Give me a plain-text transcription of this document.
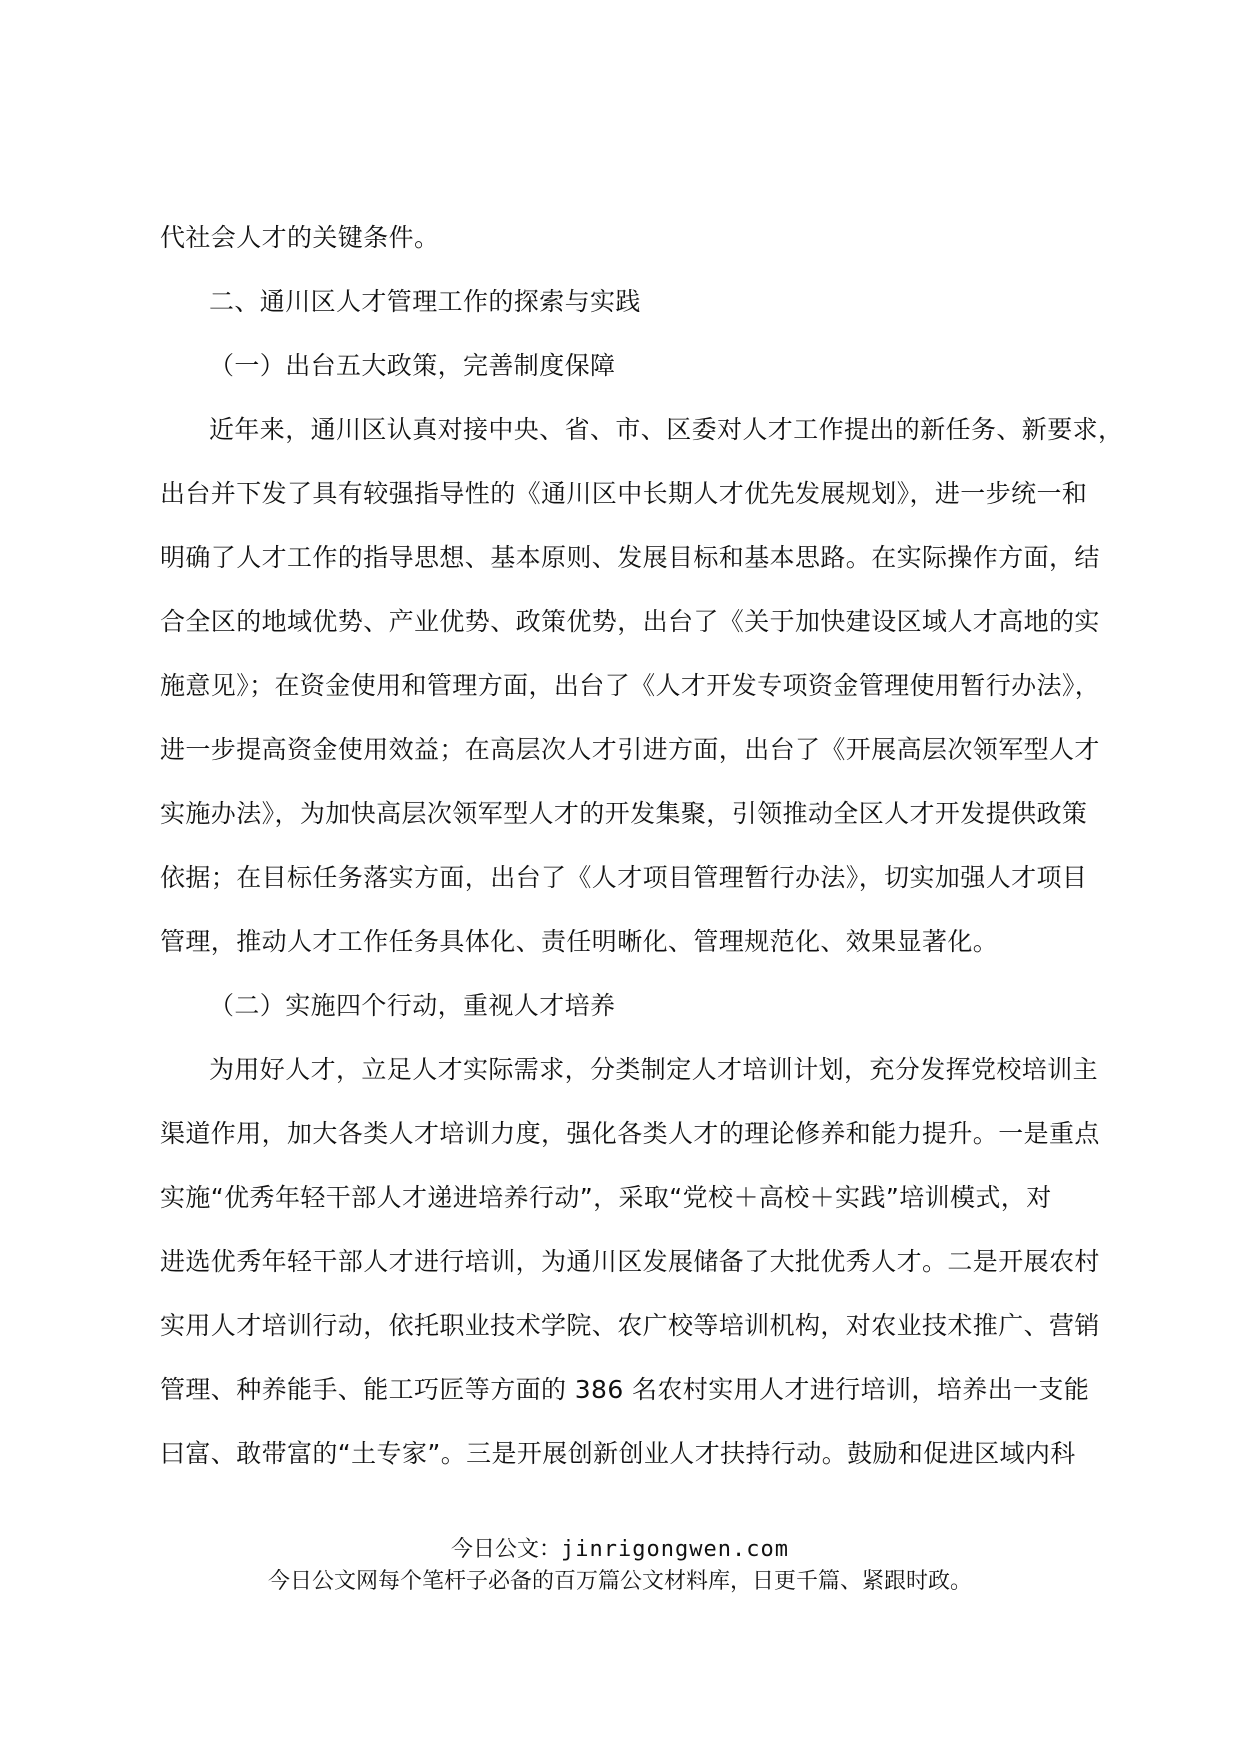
代社会人才的关键条件。
二、通川区人才管理工作的探索与实践
（一）出台五大政策，完善制度保障
近年来，通川区认真对接中央、省、市、区委对人才工作提出的新任务、新要求，
出台并下发了具有较强指导性的《通川区中长期人才优先发展规划》，进一步统一和
明确了人才工作的指导思想、基本原则、发展目标和基本思路。在实际操作方面，结
合全区的地域优势、产业优势、政策优势，出台了《关于加快建设区域人才高地的实
施意见》；在资金使用和管理方面，出台了《人才开发专项资金管理使用暂行办法》，
进一步提高资金使用效益；在高层次人才引进方面，出台了《开展高层次领军型人才
实施办法》，为加快高层次领军型人才的开发集聚，引领推动全区人才开发提供政策
依据；在目标任务落实方面，出台了《人才项目管理暂行办法》，切实加强人才项目
管理，推动人才工作任务具体化、责任明晰化、管理规范化、效果显著化。
（二）实施四个行动，重视人才培养
为用好人才，立足人才实际需求，分类制定人才培训计划，充分发挥党校培训主
渠道作用，加大各类人才培训力度，强化各类人才的理论修养和能力提升。一是重点
实施“优秀年轻干部人才递进培养行动”，采取“党校＋高校＋实践”培训模式，对
进选优秀年轻干部人才进行培训，为通川区发展储备了大批优秀人才。二是开展农村
实用人才培训行动，依托职业技术学院、农广校等培训机构，对农业技术推广、营销
管理、种养能手、能工巧匠等方面的 386 名农村实用人才进行培训，培养出一支能
曰富、敢带富的“土专家”。三是开展创新创业人才扶持行动。鼓励和促进区域内科
今日公文：jinrigongwen.com
今日公文网每个笔杆子必备的百万篇公文材料库，日更千篇、紧跟时政。
